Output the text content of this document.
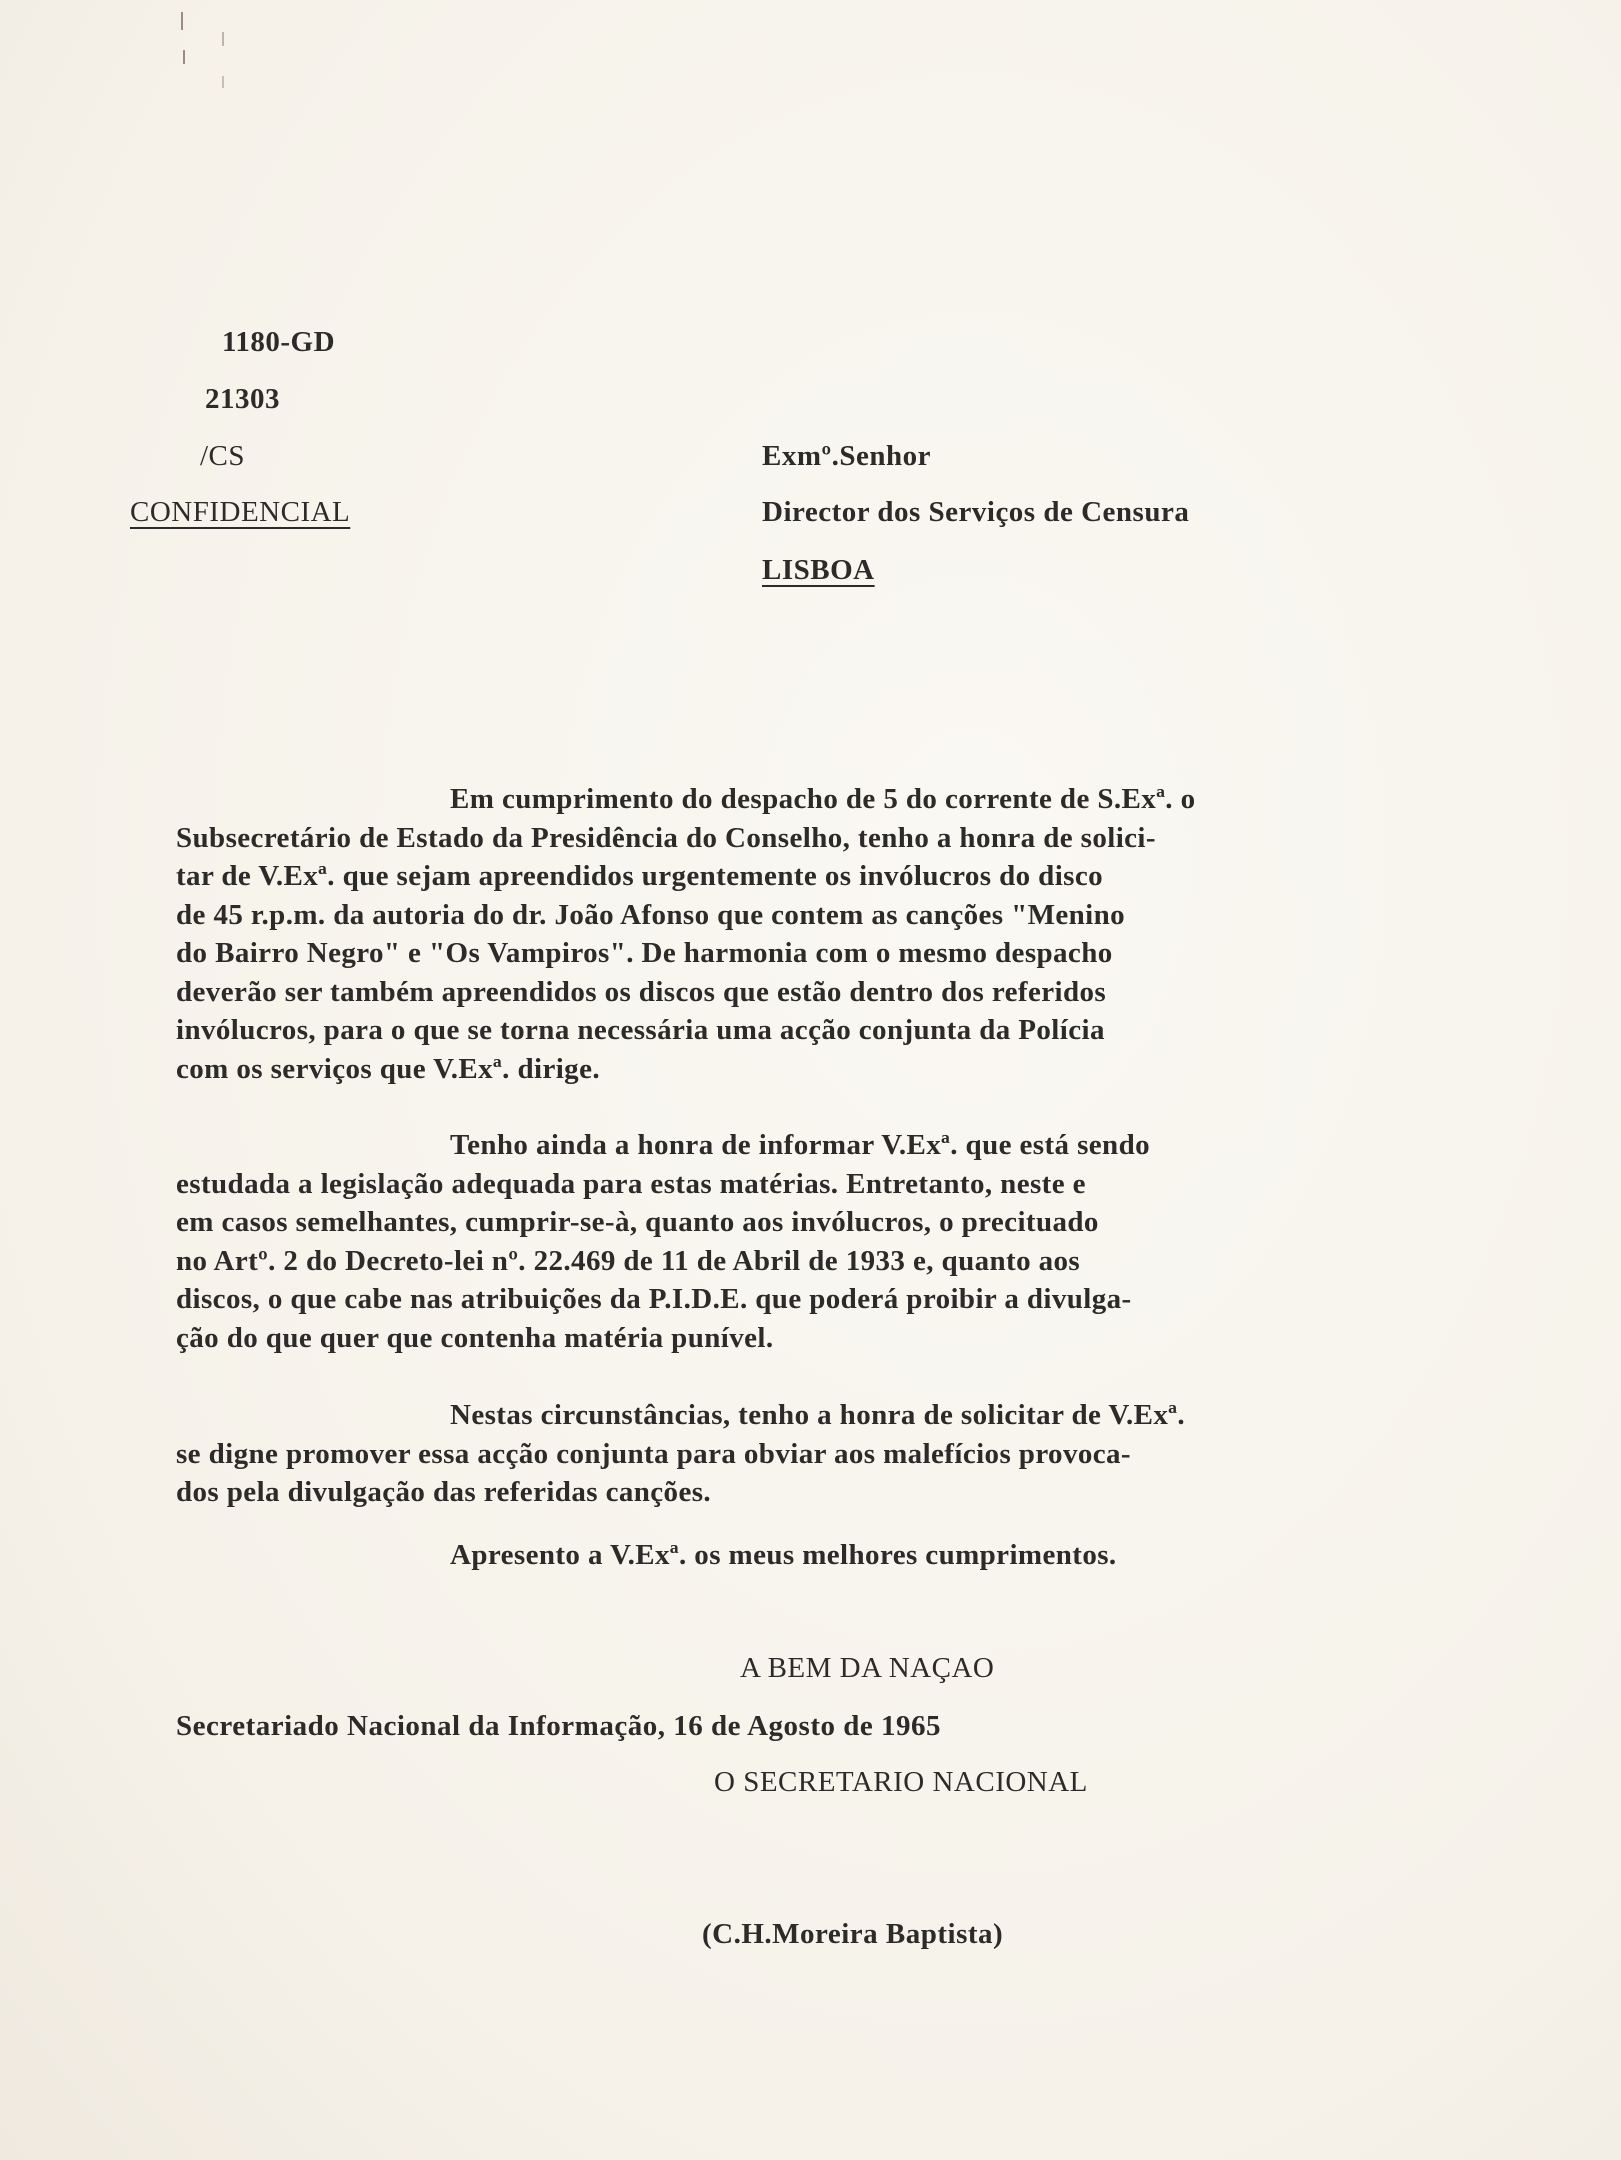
1180-GD
21303
/CS
CONFIDENCIAL
Exmº.Senhor
Director dos Serviços de Censura
LISBOA
Em cumprimento do despacho de 5 do corrente de S.Exª. o
Subsecretário de Estado da Presidência do Conselho, tenho a honra de solici-
tar de V.Exª. que sejam apreendidos urgentemente os invólucros do disco
de 45 r.p.m. da autoria do dr. João Afonso que contem as canções "Menino
do Bairro Negro" e "Os Vampiros". De harmonia com o mesmo despacho
deverão ser também apreendidos os discos que estão dentro dos referidos
invólucros, para o que se torna necessária uma acção conjunta da Polícia
com os serviços que V.Exª. dirige.
Tenho ainda a honra de informar V.Exª. que está sendo
estudada a legislação adequada para estas matérias. Entretanto, neste e
em casos semelhantes, cumprir-se-à, quanto aos invólucros, o precituado
no Artº. 2 do Decreto-lei nº. 22.469 de 11 de Abril de 1933 e, quanto aos
discos, o que cabe nas atribuições da P.I.D.E. que poderá proibir a divulga-
ção do que quer que contenha matéria punível.
Nestas circunstâncias, tenho a honra de solicitar de V.Exª.
se digne promover essa acção conjunta para obviar aos malefícios provoca-
dos pela divulgação das referidas canções.
Apresento a V.Exª. os meus melhores cumprimentos.
A BEM DA NAÇAO
Secretariado Nacional da Informação, 16 de Agosto de 1965
O SECRETARIO NACIONAL
(C.H.Moreira Baptista)
